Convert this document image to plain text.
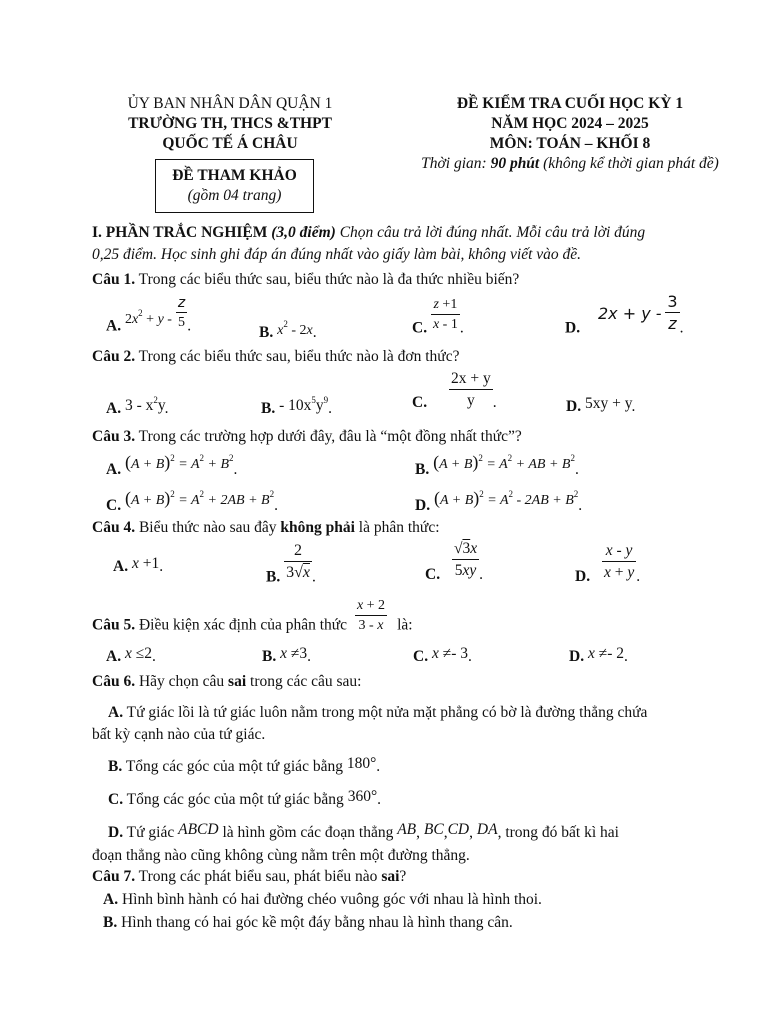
ỦY BAN NHÂN DÂN QUẬN 1
TRƯỜNG TH, THCS &THPT
QUỐC TẾ Á CHÂU
ĐỀ THAM KHẢO
(gồm 04 trang)
ĐỀ KIỂM TRA CUỐI HỌC KỲ 1
NĂM HỌC 2024 – 2025
MÔN: TOÁN – KHỐI 8
Thời gian: 90 phút (không kể thời gian phát đề)
I. PHẦN TRẮC NGHIỆM (3,0 điểm) Chọn câu trả lời đúng nhất. Mỗi câu trả lời đúng
0,25 điểm. Học sinh ghi đáp án đúng nhất vào giấy làm bài, không viết vào đề.
Câu 1. Trong các biểu thức sau, biểu thức nào là đa thức nhiều biến?
A. $2x^2 + y - \frac{z}{5}$ .	B. $x^2 - 2x$.	C. $\frac{z +1}{x - 1}$ .	D. $2x + y - \frac{3}{z}$ .
Câu 2. Trong các biểu thức sau, biểu thức nào là đơn thức?
A. $3 - x^2y$.	B. - $10x^5y^9$.	C. $\frac{2x + y}{y}$ .	D. 5xy + y.
Câu 3. Trong các trường hợp dưới đây, đâu là “một đồng nhất thức”?
A. $(A + B)^2 = A^2 + B^2$.	B. $(A + B)^2 = A^2$ + AB + $B^2$.
C. $(A + B)^2 = A^2 + 2AB + B^2$.	D. $(A + B)^2 = A^2 - 2AB + B^2$.
Câu 4. Biểu thức nào sau đây không phải là phân thức:
A. x +1.
B. $\frac{2}{3√x}$ .	C. $\frac{√3x}{5xy}$ .	D. $\frac{x - y}{x + y}$ .
Câu 5. Điều kiện xác định của phân thức $\frac{x + 2}{3 - x}$ là:
A. x ≤2.	B. x ≠3.	C. x ≠- 3.	D. x ≠- 2.
Câu 6. Hãy chọn câu sai trong các câu sau:
A. Tứ giác lồi là tứ giác luôn nằm trong một nửa mặt phẳng có bờ là đường thẳng chứa
bất kỳ cạnh nào của tứ giác.
B. Tổng các góc của một tứ giác bằng 180°.
C. Tổng các góc của một tứ giác bằng 360°.
D. Tứ giác ABCD là hình gồm các đoạn thẳng AB, BC,CD, DA, trong đó bất kì hai
đoạn thẳng nào cũng không cùng nằm trên một đường thẳng.
Câu 7. Trong các phát biểu sau, phát biểu nào sai?
A. Hình bình hành có hai đường chéo vuông góc với nhau là hình thoi.
B. Hình thang có hai góc kề một đáy bằng nhau là hình thang cân.
